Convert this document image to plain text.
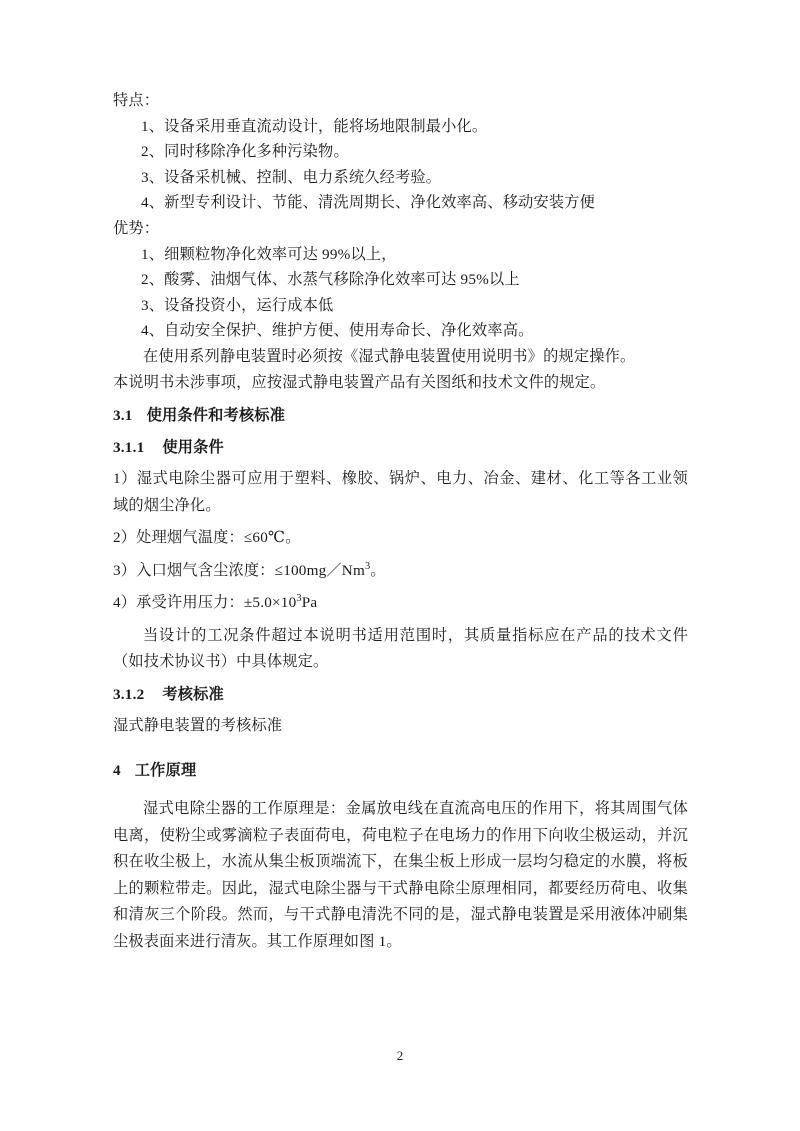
特点：
1、设备采用垂直流动设计，能将场地限制最小化。
2、同时移除净化多种污染物。
3、设备采机械、控制、电力系统久经考验。
4、新型专利设计、节能、清洗周期长、净化效率高、移动安装方便
优势：
1、细颗粒物净化效率可达 99%以上，
2、酸雾、油烟气体、水蒸气移除净化效率可达 95%以上
3、设备投资小，运行成本低
4、自动安全保护、维护方便、使用寿命长、净化效率高。
在使用系列静电装置时必须按《湿式静电装置使用说明书》的规定操作。
本说明书未涉事项，应按湿式静电装置产品有关图纸和技术文件的规定。
3.1 使用条件和考核标准
3.1.1 使用条件
1）湿式电除尘器可应用于塑料、橡胶、锅炉、电力、冶金、建材、化工等各工业领域的烟尘净化。
2）处理烟气温度：≤60℃。
3）入口烟气含尘浓度：$\le 100mg/Nm^3$。
4）承受许用压力：$\pm 5.0\times 10^3Pa$
当设计的工况条件超过本说明书适用范围时，其质量指标应在产品的技术文件（如技术协议书）中具体规定。
3.1.2 考核标准
湿式静电装置的考核标准
4 工作原理
湿式电除尘器的工作原理是：金属放电线在直流高电压的作用下，将其周围气体电离，使粉尘或雾滴粒子表面荷电，荷电粒子在电场力的作用下向收尘极运动，并沉积在收尘极上，水流从集尘板顶端流下，在集尘板上形成一层均匀稳定的水膜，将板上的颗粒带走。因此，湿式电除尘器与干式静电除尘原理相同，都要经历荷电、收集和清灰三个阶段。然而，与干式静电清洗不同的是，湿式静电装置是采用液体冲刷集尘极表面来进行清灰。其工作原理如图 1。
2
